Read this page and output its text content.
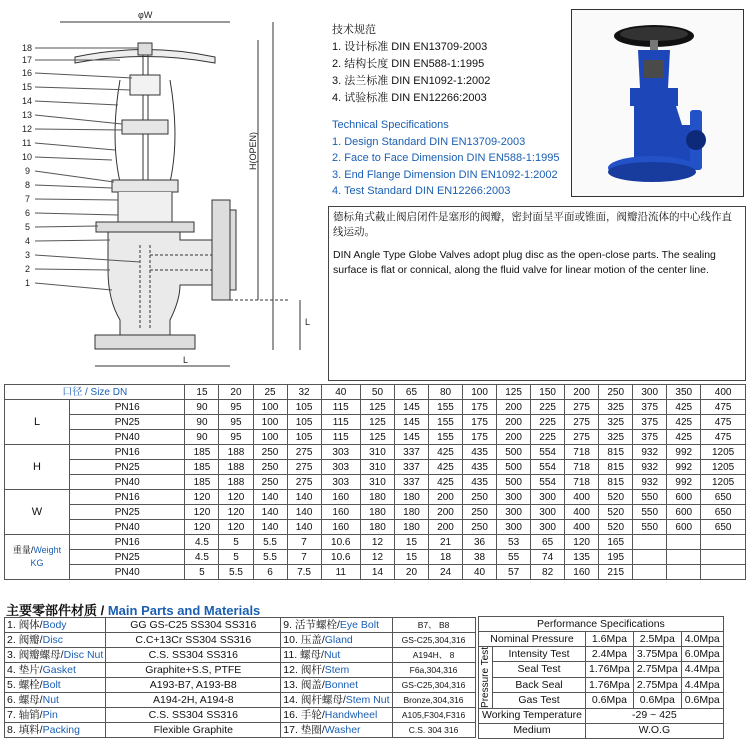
18
17
16
15
14
13
12
11
10
9
8
7
6
5
4
3
2
1
φW
H(OPEN)
L
L
技术规范
1. 设计标准 DIN EN13709-2003
2. 结构长度 DIN EN588-1:1995
3. 法兰标准 DIN EN1092-1:2002
4. 试验标准 DIN EN12266:2003
Technical Specifications
1. Design Standard DIN EN13709-2003
2. Face to Face Dimension DIN EN588-1:1995
3. End Flange Dimension DIN EN1092-1:2002
4. Test Standard DIN EN12266:2003
德标角式截止阀启闭件是塞形的阀瓣，密封面呈平面或锥面，阀瓣沿流体的中心线作直线运动。
DIN Angle Type Globe Valves adopt plug disc as the open-close parts. The sealing surface is flat or connical, along the fluid valve for linear motion of the center line.
口径 / Size DN		15	20	25	32	40	50	65	80	100	125	150	200	250	300	350	400
L	PN16	90	95	100	105	115	125	145	155	175	200	225	275	325	375	425	475
	PN25	90	95	100	105	115	125	145	155	175	200	225	275	325	375	425	475
	PN40	90	95	100	105	115	125	145	155	175	200	225	275	325	375	425	475
H	PN16	185	188	250	275	303	310	337	425	435	500	554	718	815	932	992	1205
	PN25	185	188	250	275	303	310	337	425	435	500	554	718	815	932	992	1205
	PN40	185	188	250	275	303	310	337	425	435	500	554	718	815	932	992	1205
W	PN16	120	120	140	140	160	180	180	200	250	300	300	400	520	550	600	650
	PN25	120	120	140	140	160	180	180	200	250	300	300	400	520	550	600	650
	PN40	120	120	140	140	160	180	180	200	250	300	300	400	520	550	600	650
重量/Weight
KG	PN16	4.5	5	5.5	7	10.6	12	15	21	36	53	65	120	165			
	PN25	4.5	5	5.5	7	10.6	12	15	18	38	55	74	135	195			
	PN40	5	5.5	6	7.5	11	14	20	24	40	57	82	160	215			
主要零部件材质 / Main Parts and Materials
1. 阀体/Body	GG GS-C25 SS304 SS316	9. 活节螺栓/Eye Bolt	B7、 B8
2. 阀瓣/Disc	C.C+13Cr SS304 SS316	10. 压盖/Gland	GS-C25,304,316
3. 阀瓣螺母/Disc Nut	C.S. SS304 SS316	11. 螺母/Nut	A194H、 8
4. 垫片/Gasket	Graphite+S.S, PTFE	12. 阀杆/Stem	F6a,304,316
5. 螺栓/Bolt	A193-B7, A193-B8	13. 阀盖/Bonnet	GS-C25,304,316
6. 螺母/Nut	A194-2H, A194-8	14. 阀杆螺母/Stem Nut	Bronze,304,316
7. 轴销/Pin	C.S. SS304 SS316	16. 手轮/Handwheel	A105,F304,F316
8. 填料/Packing	Flexible Graphite	17. 垫圈/Washer	C.S. 304 316
Performance Specifications				
Nominal Pressure		1.6Mpa	2.5Mpa	4.0Mpa

Pressure Test	Intensity Test	2.4Mpa	3.75Mpa	6.0Mpa
	Seal Test	1.76Mpa	2.75Mpa	4.4Mpa
	Back Seal	1.76Mpa	2.75Mpa	4.4Mpa
	Gas Test	0.6Mpa	0.6Mpa	0.6Mpa
Working Temperature		-29 ~ 425		
Medium		W.O.G		
